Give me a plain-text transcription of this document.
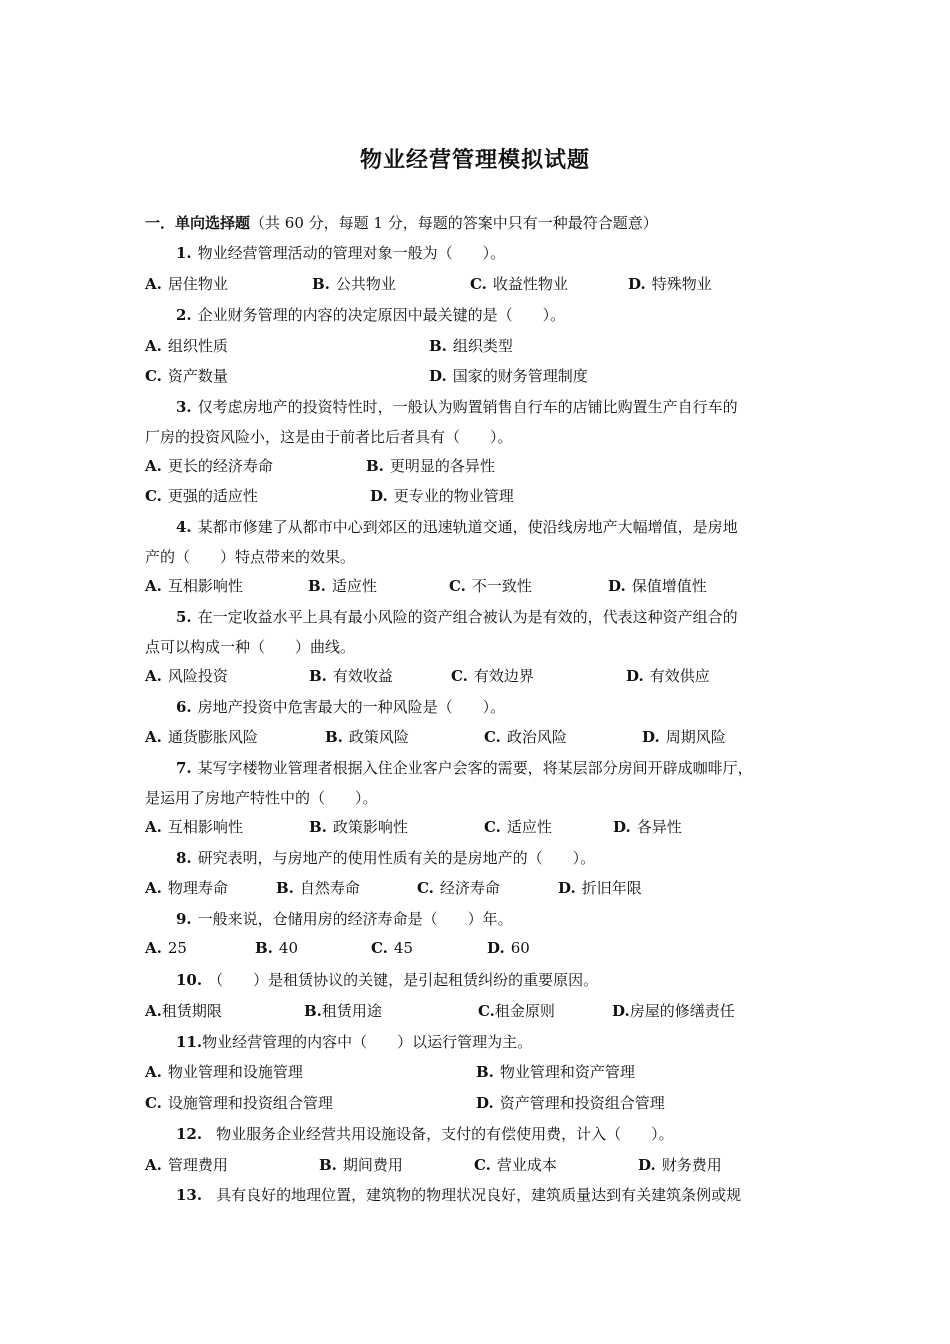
物业经营管理模拟试题
一．单向选择题（共 60 分，每题 1 分，每题的答案中只有一种最符合题意）
1. 物业经营管理活动的管理对象一般为（　　）。
A. 居住物业	B. 公共物业	C. 收益性物业	D. 特殊物业
2. 企业财务管理的内容的决定原因中最关键的是（　　）。
A. 组织性质	B. 组织类型
C. 资产数量	D. 国家的财务管理制度
3. 仅考虑房地产的投资特性时，一般认为购置销售自行车的店铺比购置生产自行车的
厂房的投资风险小，这是由于前者比后者具有（　　）。
A. 更长的经济寿命	B. 更明显的各异性
C. 更强的适应性	D. 更专业的物业管理
4. 某都市修建了从都市中心到郊区的迅速轨道交通，使沿线房地产大幅增值，是房地
产的（　　）特点带来的效果。
A. 互相影响性	B. 适应性	C. 不一致性	D. 保值增值性
5. 在一定收益水平上具有最小风险的资产组合被认为是有效的，代表这种资产组合的
点可以构成一种（　　）曲线。
A. 风险投资	B. 有效收益	C. 有效边界	D. 有效供应
6. 房地产投资中危害最大的一种风险是（　　）。
A. 通货膨胀风险	B. 政策风险	C. 政治风险	D. 周期风险
7. 某写字楼物业管理者根据入住企业客户会客的需要，将某层部分房间开辟成咖啡厅，
是运用了房地产特性中的（　　）。
A. 互相影响性	B. 政策影响性	C. 适应性	D. 各异性
8. 研究表明，与房地产的使用性质有关的是房地产的（　　）。
A. 物理寿命	B. 自然寿命	C. 经济寿命	D. 折旧年限
9. 一般来说，仓储用房的经济寿命是（　　）年。
A. 25	B. 40	C. 45	D. 60
10. （　　）是租赁协议的关键，是引起租赁纠纷的重要原因。
A.租赁期限	B.租赁用途	C.租金原则	D.房屋的修缮责任
11.物业经营管理的内容中（　　）以运行管理为主。
A. 物业管理和设施管理	B. 物业管理和资产管理
C. 设施管理和投资组合管理	D. 资产管理和投资组合管理
12. 物业服务企业经营共用设施设备，支付的有偿使用费，计入（　　）。
A. 管理费用	B. 期间费用	C. 营业成本	D. 财务费用
13. 具有良好的地理位置，建筑物的物理状况良好，建筑质量达到有关建筑条例或规
